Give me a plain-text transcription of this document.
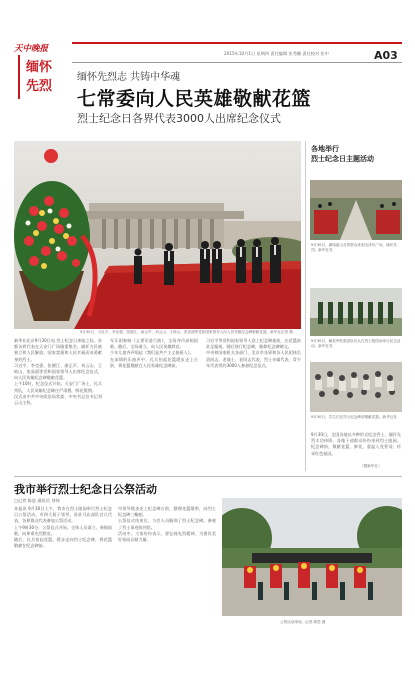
天中晚报
缅怀
先烈
2015年10月1日 星期四 责任编辑 张秀鹏 责任校对 张中	A03
缅怀先烈志 共铸中华魂
七常委向人民英雄敬献花篮
烈士纪念日各界代表3000人出席纪念仪式
9月30日，习近平、李克强、张德江、俞正声、刘云山、王岐山、张高丽等党和国家领导人向人民英雄纪念碑敬献花篮。新华社记者 摄

新华社北京9月30日电 烈士纪念日来临之际，首都各界代表在天安门广场隆重集会，缅怀为民族独立和人民解放、国家富强和人民幸福而英勇献身的烈士。

习近平、李克强、张德江、俞正声、刘云山、王岐山、张高丽等党和国家领导人出席纪念仪式，向人民英雄纪念碑敬献花篮。

上午10时，纪念仪式开始。天安门广场上，礼兵列队，人民英雄纪念碑庄严肃穆，鲜花簇拥。

仪式由中共中央政治局常委、中央书记处书记刘云山主持。

军乐团奏响《义勇军进行曲》，全场齐声高唱国歌。随后，全场肃立，向人民英雄默哀。

少年儿童齐声唱起《我们是共产主义接班人》。

在深情的乐曲声中，礼兵抬起花篮缓步走上台阶，将花篮敬献在人民英雄纪念碑前。

习近平等党和国家领导人登上纪念碑基座，在花篮前驻足凝视，随后绕行纪念碑，瞻仰纪念碑碑文。

中央和国家机关各部门、北京市各界和各人民团体负责同志，老战士、老同志代表，烈士亲属代表，青少年代表等约3000人参加纪念仪式。

各地举行
烈士纪念日主题活动
9月30日，湖南韶山各界群众来到毛泽东广场，缅怀先烈。新华社发
9月30日，解放军驻港部队官兵在烈士陵园前举行纪念活动。新华社发
9月30日，学生们在烈士纪念碑前敬献花篮。新华社发
9月30日，全国各地以多种形式纪念烈士，缅怀先烈丰功伟绩。各地干部群众纷纷来到烈士陵园、纪念碑前，敬献花篮、鲜花，重温入党誓词，传承红色基因。
（据新华社）
我市举行烈士纪念日公祭活动
□记者 陈思 通讯员 刘伟

本报讯 9月30日上午，我市在烈士陵园举行烈士纪念日公祭活动，市四大班子领导，驻驻马店部队官兵代表，各界群众代表参加公祭活动。

上午9时30分，公祭仪式开始。全体人员肃立，奏唱国歌，向革命先烈默哀。

随后，礼兵抬起花篮，缓步走向烈士纪念碑，将花篮敬献在纪念碑前。

市领导缓步走上纪念碑台阶，整理花篮缎带，向烈士纪念碑三鞠躬。

公祭仪式结束后，与会人员瞻仰了烈士纪念碑，参观了烈士事迹陈列馆。

活动中，大家纷纷表示，要弘扬先烈精神，为建设美好家园贡献力量。

公祭活动现场。记者 陈思 摄
